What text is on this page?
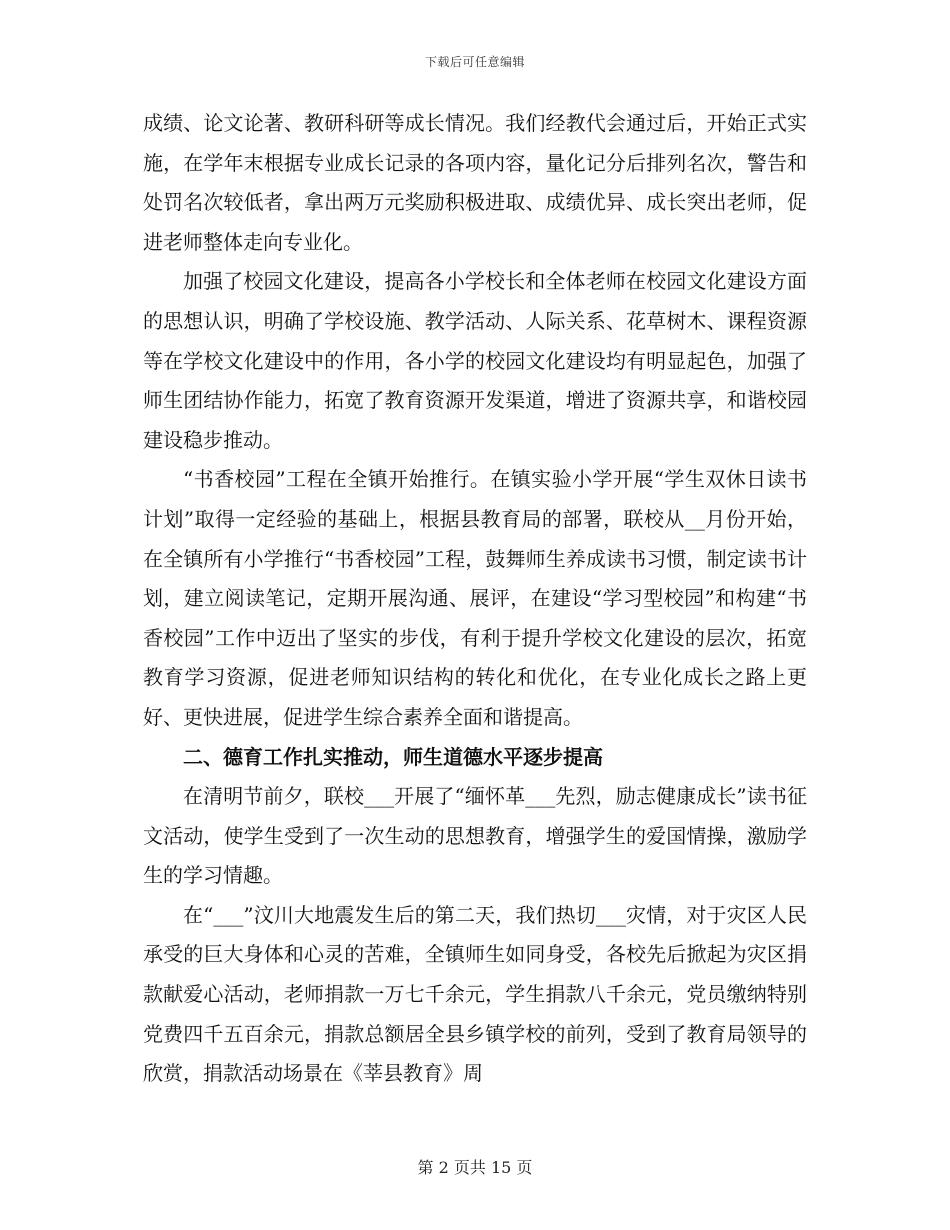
下载后可任意编辑

成绩、论文论著、教研科研等成长情况。我们经教代会通过后，开始正式实施，在学年末根据专业成长记录的各项内容，量化记分后排列名次，警告和处罚名次较低者，拿出两万元奖励积极进取、成绩优异、成长突出老师，促进老师整体走向专业化。

加强了校园文化建设，提高各小学校长和全体老师在校园文化建设方面的思想认识，明确了学校设施、教学活动、人际关系、花草树木、课程资源等在学校文化建设中的作用，各小学的校园文化建设均有明显起色，加强了师生团结协作能力，拓宽了教育资源开发渠道，增进了资源共享，和谐校园建设稳步推动。

“书香校园”工程在全镇开始推行。在镇实验小学开展“学生双休日读书计划”取得一定经验的基础上，根据县教育局的部署，联校从__月份开始，在全镇所有小学推行“书香校园”工程，鼓舞师生养成读书习惯，制定读书计划，建立阅读笔记，定期开展沟通、展评，在建设“学习型校园”和构建“书香校园”工作中迈出了坚实的步伐，有利于提升学校文化建设的层次，拓宽教育学习资源，促进老师知识结构的转化和优化，在专业化成长之路上更好、更快进展，促进学生综合素养全面和谐提高。

二、德育工作扎实推动，师生道德水平逐步提高

在清明节前夕，联校___开展了“缅怀革___先烈，励志健康成长”读书征文活动，使学生受到了一次生动的思想教育，增强学生的爱国情操，激励学生的学习情趣。

在“___”汶川大地震发生后的第二天，我们热切___灾情，对于灾区人民承受的巨大身体和心灵的苦难，全镇师生如同身受，各校先后掀起为灾区捐款献爱心活动，老师捐款一万七千余元，学生捐款八千余元，党员缴纳特别党费四千五百余元，捐款总额居全县乡镇学校的前列，受到了教育局领导的欣赏，捐款活动场景在《莘县教育》周

第 2 页共 15 页
